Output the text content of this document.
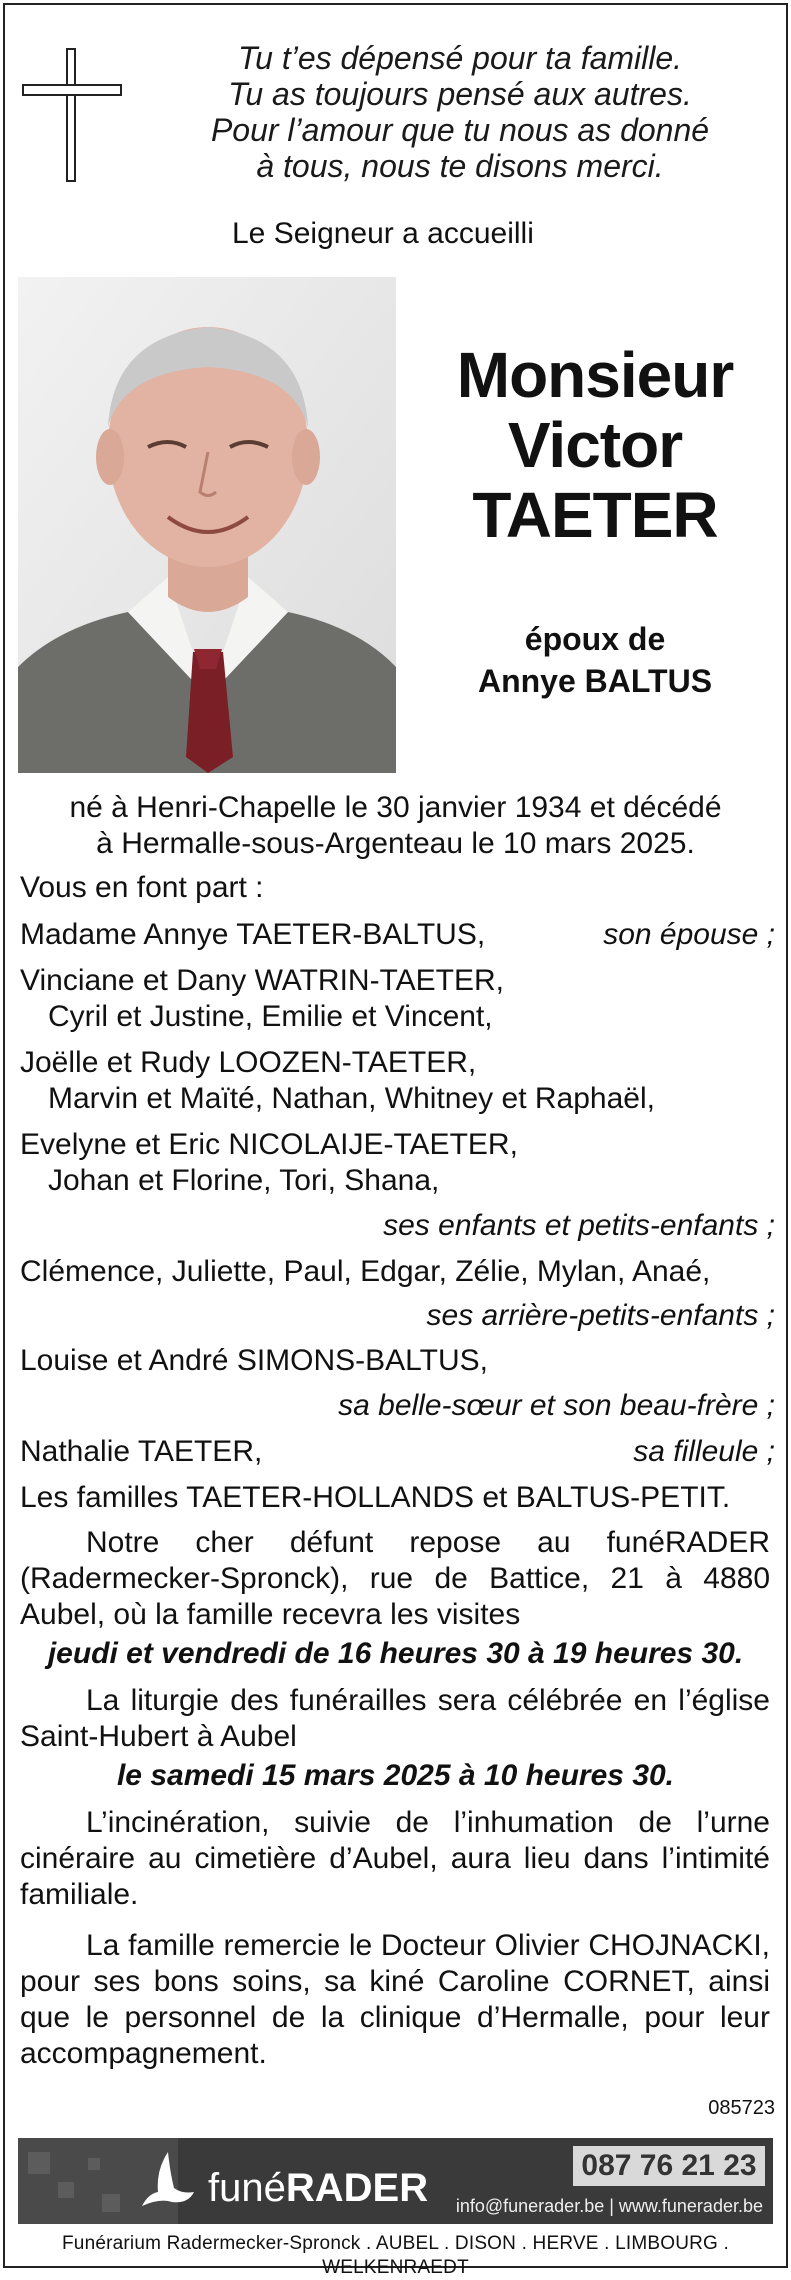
Tu t’es dépensé pour ta famille.
Tu as toujours pensé aux autres.
Pour l’amour que tu nous as donné
à tous, nous te disons merci.
Le Seigneur a accueilli
Monsieur
Victor
TAETER
époux de
Annye BALTUS
né à Henri-Chapelle le 30 janvier 1934 et décédé
à Hermalle-sous-Argenteau le 10 mars 2025.
Vous en font part :
Madame Annye TAETER-BALTUS,	son épouse ;
Vinciane et Dany WATRIN-TAETER,
Cyril et Justine, Emilie et Vincent,
Joëlle et Rudy LOOZEN-TAETER,
Marvin et Maïté, Nathan, Whitney et Raphaël,
Evelyne et Eric NICOLAIJE-TAETER,
Johan et Florine, Tori, Shana,
ses enfants et petits-enfants ;
Clémence, Juliette, Paul, Edgar, Zélie, Mylan, Anaé,
ses arrière-petits-enfants ;
Louise et André SIMONS-BALTUS,
sa belle-sœur et son beau-frère ;
Nathalie TAETER,	sa filleule ;
Les familles TAETER-HOLLANDS et BALTUS-PETIT.
Notre cher défunt repose au funéRADER (Radermecker-Spronck), rue de Battice, 21 à 4880 Aubel, où la famille recevra les visites
jeudi et vendredi de 16 heures 30 à 19 heures 30.
La liturgie des funérailles sera célébrée en l’église Saint-Hubert à Aubel
le samedi 15 mars 2025 à 10 heures 30.
L’incinération, suivie de l’inhumation de l’urne cinéraire au cimetière d’Aubel, aura lieu dans l’intimité familiale.
La famille remercie le Docteur Olivier CHOJNACKI, pour ses bons soins, sa kiné Caroline CORNET, ainsi que le personnel de la clinique d’Hermalle, pour leur accompagnement.
085723
funéRADER
087 76 21 23
info@funerader.be | www.funerader.be
Funérarium Radermecker-Spronck . AUBEL . DISON . HERVE . LIMBOURG . WELKENRAEDT
